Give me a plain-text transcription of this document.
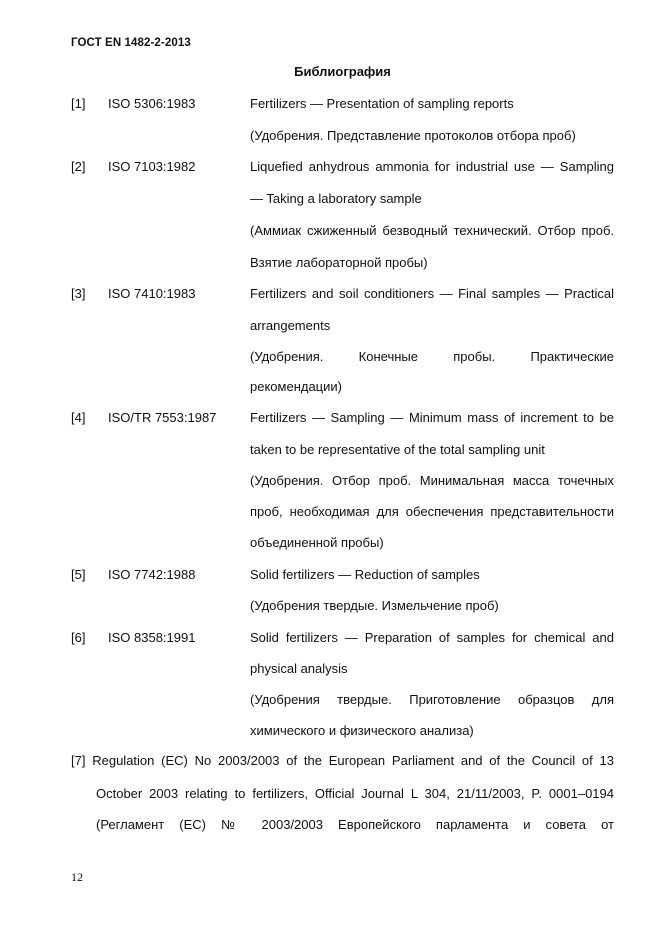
ГОСТ EN 1482-2-2013
Библиография
[1] ISO 5306:1983	Fertilizers — Presentation of sampling reports
(Удобрения. Представление протоколов отбора проб)
[2] ISO 7103:1982	Liquefied anhydrous ammonia for industrial use — Sampling
— Taking a laboratory sample
(Аммиак сжиженный безводный технический. Отбор проб.
Взятие лабораторной пробы)
[3] ISO 7410:1983	Fertilizers and soil conditioners — Final samples — Practical
arrangements
(Удобрения. Конечные пробы. Практические
рекомендации)
[4] ISO/TR 7553:1987	Fertilizers — Sampling — Minimum mass of increment to be
taken to be representative of the total sampling unit
(Удобрения. Отбор проб. Минимальная масса точечных
проб, необходимая для обеспечения представительности
объединенной пробы)
[5] ISO 7742:1988	Solid fertilizers — Reduction of samples
(Удобрения твердые. Измельчение проб)
[6] ISO 8358:1991	Solid fertilizers — Preparation of samples for chemical and
physical analysis
(Удобрения твердые. Приготовление образцов для
химического и физического анализа)
[7] Regulation (EC) No 2003/2003 of the European Parliament and of the Council of 13
October 2003 relating to fertilizers, Official Journal L 304, 21/11/2003, P. 0001–0194
(Регламент (ЕС) № 2003/2003 Европейского парламента и совета от
12
